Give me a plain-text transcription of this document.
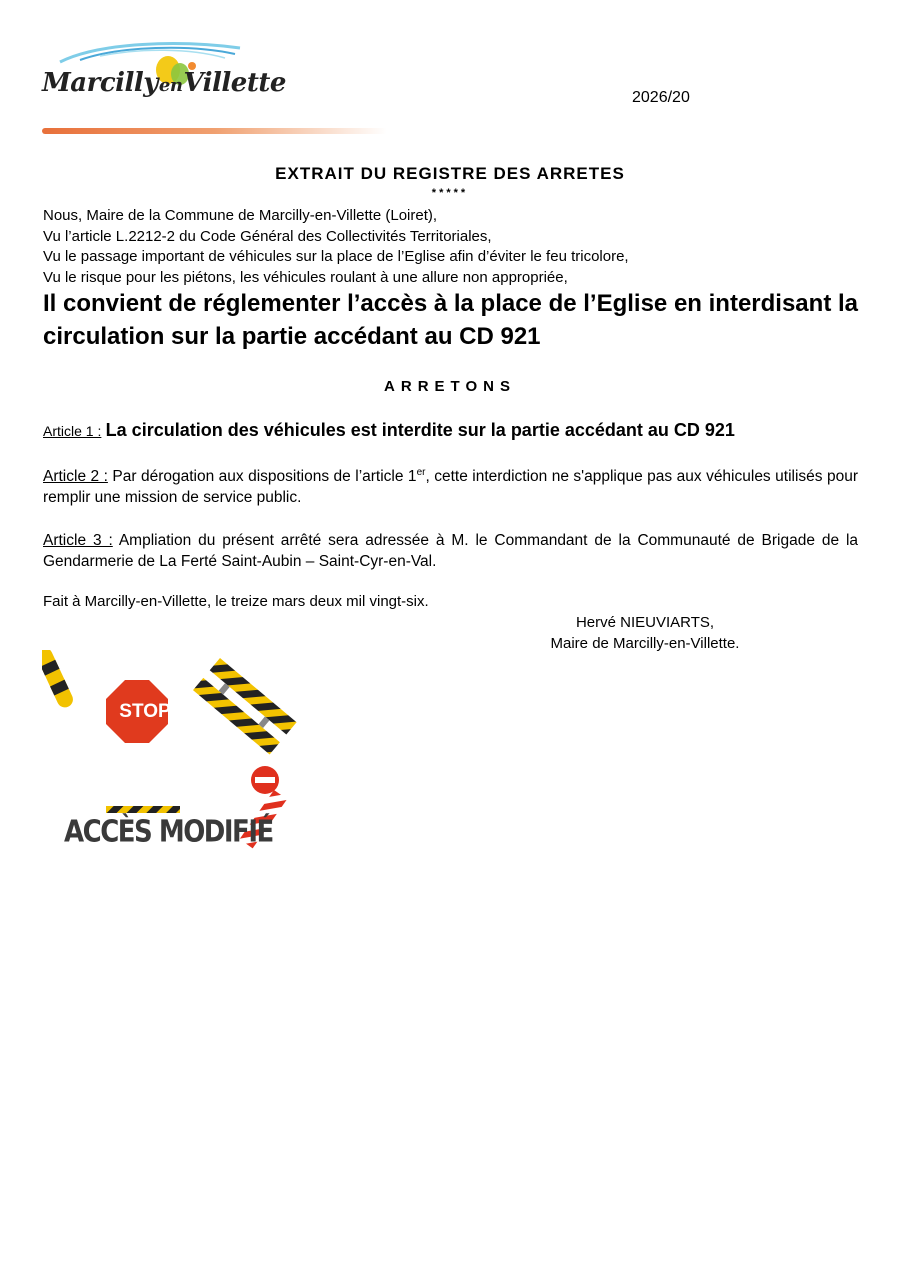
MarcillyenVillette	2026/20
EXTRAIT DU REGISTRE DES ARRETES
*****
Nous, Maire de la Commune de Marcilly-en-Villette (Loiret),
Vu l’article L.2212-2 du Code Général des Collectivités Territoriales,
Vu le passage important de véhicules sur la place de l’Eglise afin d’éviter le feu tricolore,
Vu le risque pour les piétons, les véhicules roulant à une allure non appropriée,
Il convient de réglementer l’accès à la place de l’Eglise en interdisant la circulation sur la partie accédant au CD 921
ARRETONS
Article 1 : La circulation des véhicules est interdite sur la partie accédant au CD 921
Article 2 : Par dérogation aux dispositions de l’article 1er, cette interdiction ne s'applique pas aux véhicules utilisés pour remplir une mission de service public.
Article 3 : Ampliation du présent arrêté sera adressée à M. le Commandant de la Communauté de Brigade de la Gendarmerie de La Ferté Saint-Aubin – Saint-Cyr-en-Val.
Fait à Marcilly-en-Villette, le treize mars deux mil vingt-six.
Hervé NIEUVIARTS,
Maire de Marcilly-en-Villette.
STOP
ACCÈS MODIFIÉ
